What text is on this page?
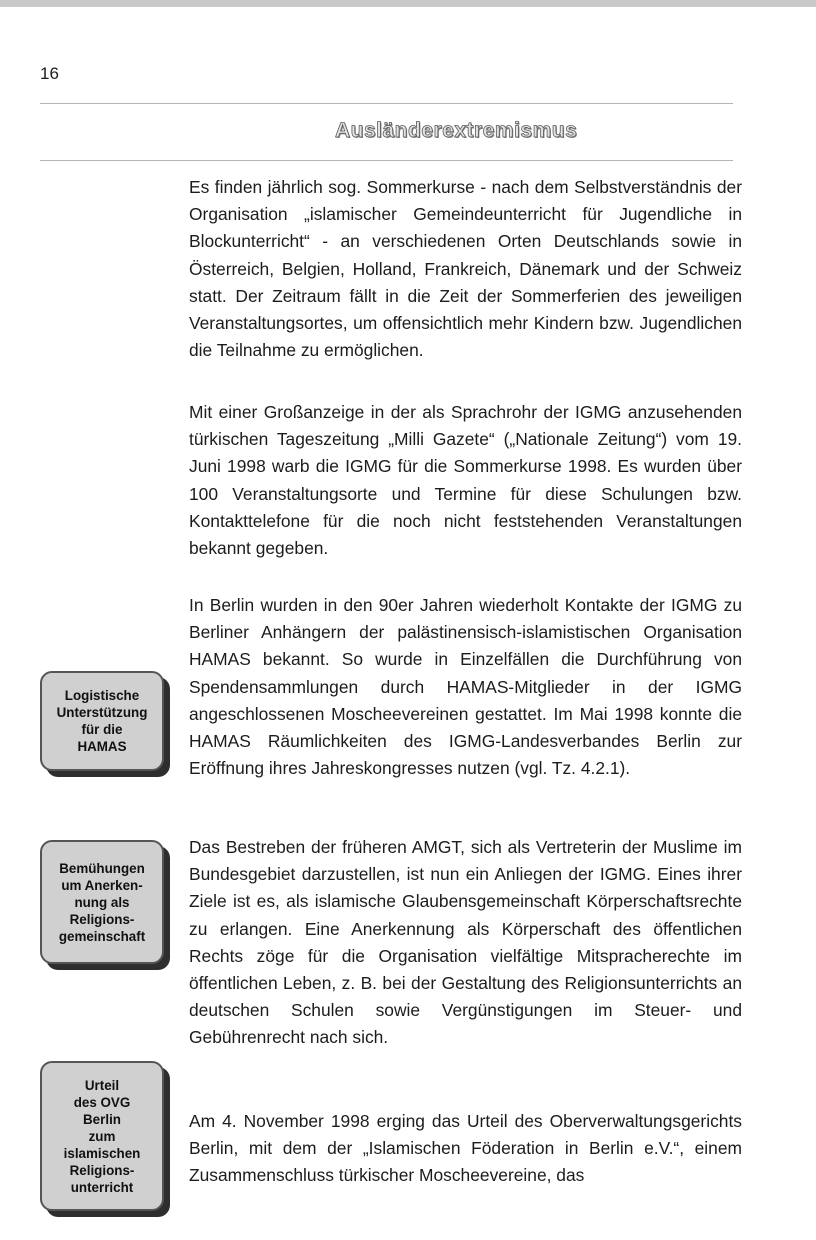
16
Ausländerextremismus

Es finden jährlich sog. Sommerkurse - nach dem Selbstverständnis der Organisation „islamischer Gemeindeunterricht für Jugendliche in Blockunterricht“ - an verschiedenen Orten Deutschlands sowie in Österreich, Belgien, Holland, Frankreich, Dänemark und der Schweiz statt. Der Zeitraum fällt in die Zeit der Sommerferien des jeweiligen Veranstaltungsortes, um offensichtlich mehr Kindern bzw. Jugendlichen die Teilnahme zu ermöglichen.

Mit einer Großanzeige in der als Sprachrohr der IGMG anzusehenden türkischen Tageszeitung „Milli Gazete“ („Nationale Zeitung“) vom 19. Juni 1998 warb die IGMG für die Sommerkurse 1998. Es wurden über 100 Veranstaltungsorte und Termine für diese Schulungen bzw. Kontakttelefone für die noch nicht feststehenden Veranstaltungen bekannt gegeben.

In Berlin wurden in den 90er Jahren wiederholt Kontakte der IGMG zu Berliner Anhängern der palästinensisch-islamistischen Organisation HAMAS bekannt. So wurde in Einzelfällen die Durchführung von Spendensammlungen durch HAMAS-Mitglieder in der IGMG angeschlossenen Moscheevereinen gestattet. Im Mai 1998 konnte die HAMAS Räumlichkeiten des IGMG-Landesverbandes Berlin zur Eröffnung ihres Jahreskongresses nutzen (vgl. Tz. 4.2.1).

Das Bestreben der früheren AMGT, sich als Vertreterin der Muslime im Bundesgebiet darzustellen, ist nun ein Anliegen der IGMG. Eines ihrer Ziele ist es, als islamische Glaubensgemeinschaft Körperschaftsrechte zu erlangen. Eine Anerkennung als Körperschaft des öffentlichen Rechts zöge für die Organisation vielfältige Mitspracherechte im öffentlichen Leben, z. B. bei der Gestaltung des Religionsunterrichts an deutschen Schulen sowie Vergünstigungen im Steuer- und Gebührenrecht nach sich.

Am 4. November 1998 erging das Urteil des Oberverwaltungsgerichts Berlin, mit dem der „Islamischen Föderation in Berlin e.V.“, einem Zusammenschluss türkischer Moscheevereine, das

Logistische
Unterstützung
für die
HAMAS
Bemühungen
um Anerken-
nung als
Religions-
gemeinschaft
Urteil
des OVG
Berlin
zum
islamischen
Religions-
unterricht
